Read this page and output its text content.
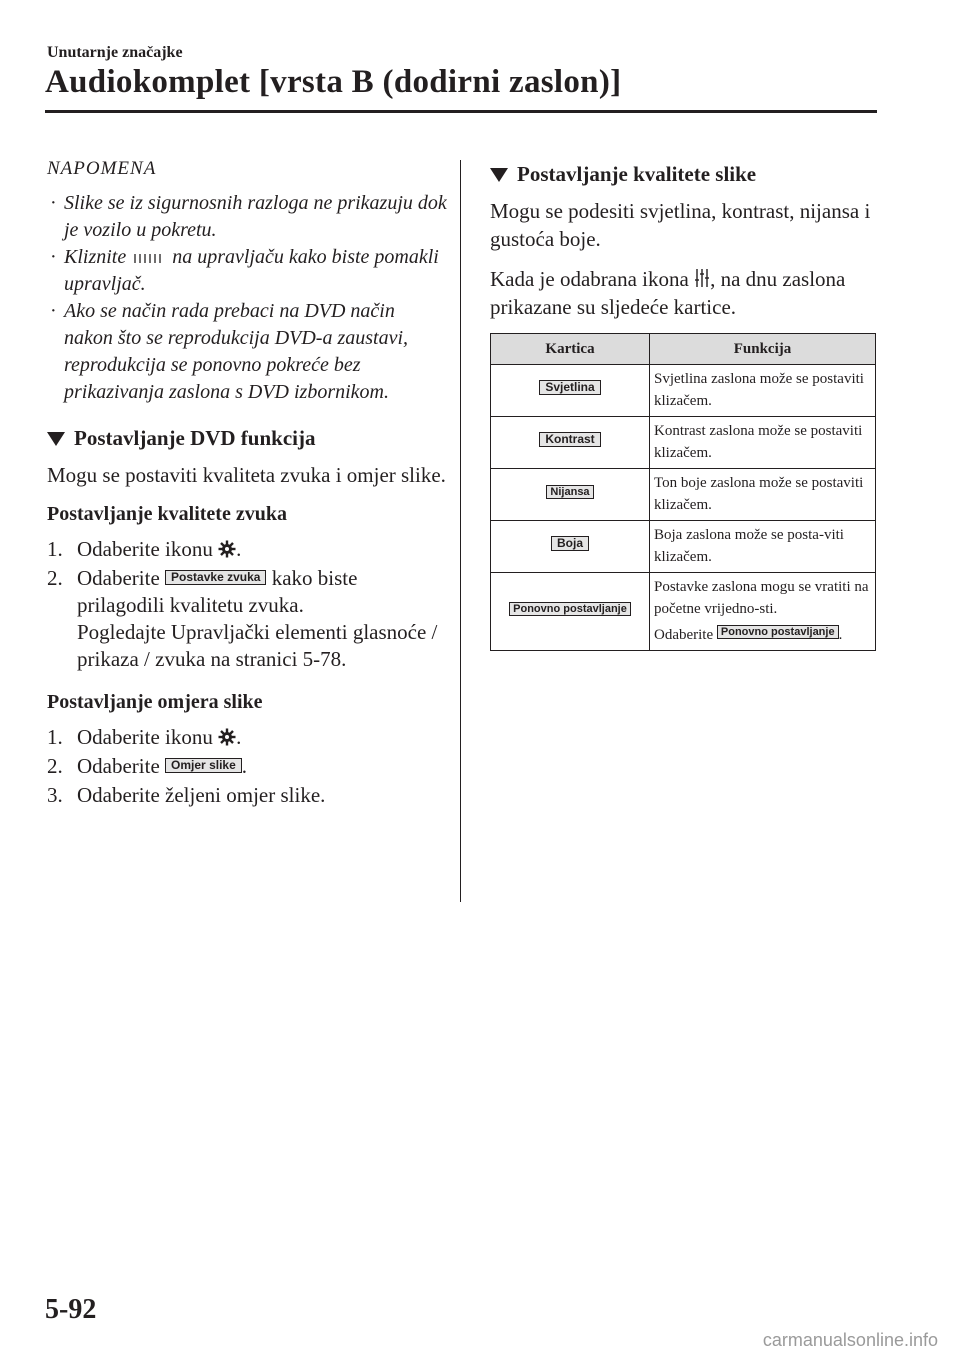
Unutarnje značajke
Audiokomplet [vrsta B (dodirni zaslon)]
NAPOMENA
· Slike se iz sigurnosnih razloga ne prikazuju dok je vozilo u pokretu.
· Kliznite na upravljaču kako biste pomakli upravljač.
· Ako se način rada prebaci na DVD način nakon što se reprodukcija DVD-a zaustavi, reprodukcija se ponovno pokreće bez prikazivanja zaslona s DVD izbornikom.
Postavljanje DVD funkcija

Mogu se postaviti kvaliteta zvuka i omjer slike.

Postavljanje kvalitete zvuka
1. Odaberite ikonu .
2. Odaberite Postavke zvuka kako biste prilagodili kvalitetu zvuka.
Pogledajte Upravljački elementi glasnoće / prikaza / zvuka na stranici 5-78.
Postavljanje omjera slike
1. Odaberite ikonu .
2. Odaberite Omjer slike .
3. Odaberite željeni omjer slike.
Postavljanje kvalitete slike

Mogu se podesiti svjetlina, kontrast, nijansa i gustoća boje.

Kada je odabrana ikona , na dnu zaslona prikazane su sljedeće kartice.

Kartica	Funkcija
Svjetlina	Svjetlina zaslona može se postaviti klizačem.
Kontrast	Kontrast zaslona može se postaviti klizačem.
Nijansa	Ton boje zaslona može se postaviti klizačem.
Boja	Boja zaslona može se posta-viti klizačem.
Ponovno postavljanje	Postavke zaslona mogu se vratiti na početne vrijedno-sti.

Odaberite Ponovno postavljanje .

5-92
carmanualsonline.info
